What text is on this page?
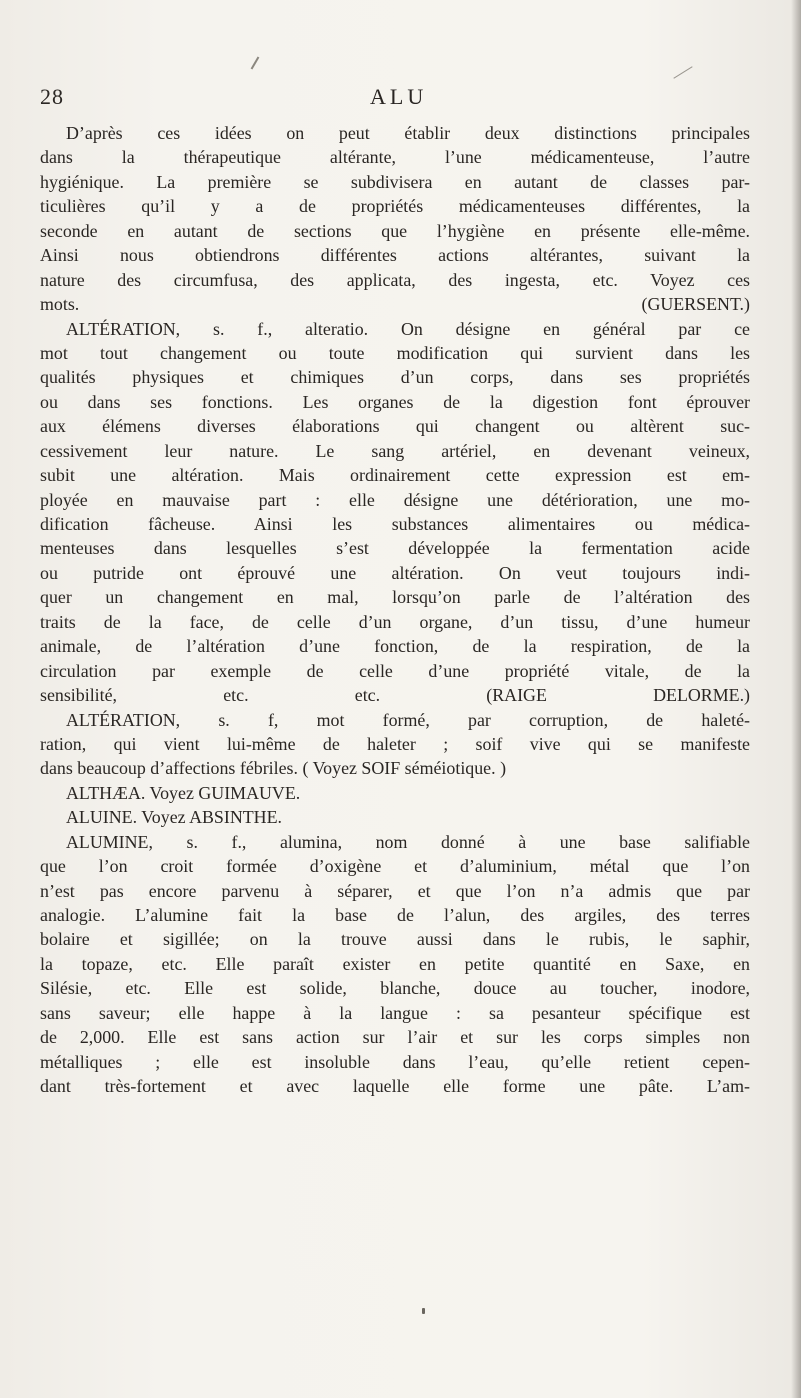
28	ALU
D’après ces idées on peut établir deux distinctions principales
dans la thérapeutique altérante, l’une médicamenteuse, l’autre
hygiénique. La première se subdivisera en autant de classes par-
ticulières qu’il y a de propriétés médicamenteuses différentes, la
seconde en autant de sections que l’hygiène en présente elle-même.
Ainsi nous obtiendrons différentes actions altérantes, suivant la
nature des circumfusa, des applicata, des ingesta, etc. Voyez ces
mots. (GUERSENT.)
ALTÉRATION, s. f., alteratio. On désigne en général par ce
mot tout changement ou toute modification qui survient dans les
qualités physiques et chimiques d’un corps, dans ses propriétés
ou dans ses fonctions. Les organes de la digestion font éprouver
aux élémens diverses élaborations qui changent ou altèrent suc-
cessivement leur nature. Le sang artériel, en devenant veineux,
subit une altération. Mais ordinairement cette expression est em-
ployée en mauvaise part : elle désigne une détérioration, une mo-
dification fâcheuse. Ainsi les substances alimentaires ou médica-
menteuses dans lesquelles s’est développée la fermentation acide
ou putride ont éprouvé une altération. On veut toujours indi-
quer un changement en mal, lorsqu’on parle de l’altération des
traits de la face, de celle d’un organe, d’un tissu, d’une humeur
animale, de l’altération d’une fonction, de la respiration, de la
circulation par exemple de celle d’une propriété vitale, de la
sensibilité, etc. etc. (RAIGE DELORME.)
ALTÉRATION, s. f, mot formé, par corruption, de haleté-
ration, qui vient lui-même de haleter ; soif vive qui se manifeste
dans beaucoup d’affections fébriles. ( Voyez SOIF séméiotique. )
ALTHÆA. Voyez GUIMAUVE.
ALUINE. Voyez ABSINTHE.
ALUMINE, s. f., alumina, nom donné à une base salifiable
que l’on croit formée d’oxigène et d’aluminium, métal que l’on
n’est pas encore parvenu à séparer, et que l’on n’a admis que par
analogie. L’alumine fait la base de l’alun, des argiles, des terres
bolaire et sigillée; on la trouve aussi dans le rubis, le saphir,
la topaze, etc. Elle paraît exister en petite quantité en Saxe, en
Silésie, etc. Elle est solide, blanche, douce au toucher, inodore,
sans saveur; elle happe à la langue : sa pesanteur spécifique est
de 2,000. Elle est sans action sur l’air et sur les corps simples non
métalliques ; elle est insoluble dans l’eau, qu’elle retient cepen-
dant très-fortement et avec laquelle elle forme une pâte. L’am-
